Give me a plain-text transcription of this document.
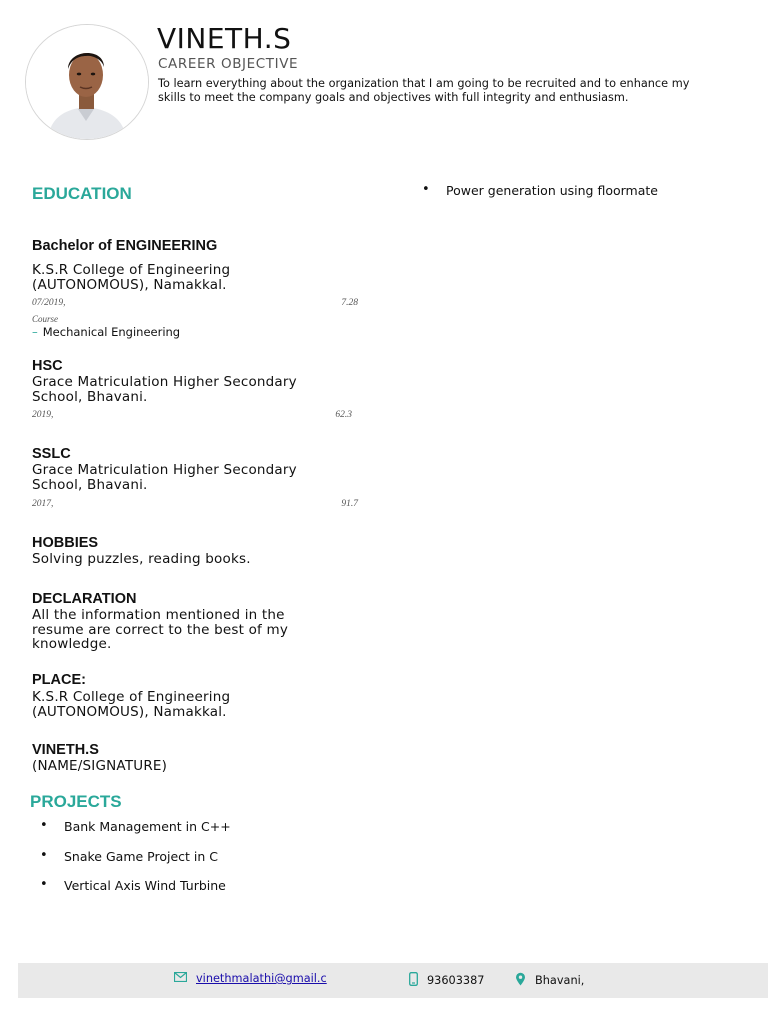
VINETH.S
CAREER OBJECTIVE
To learn everything about the organization that I am going to be recruited and to enhance my skills to meet the company goals and objectives with full integrity and enthusiasm.
EDUCATION
Bachelor of ENGINEERING
K.S.R College of Engineering (AUTONOMOUS), Namakkal.
07/2019,	7.28
Course
– Mechanical Engineering
HSC
Grace Matriculation Higher Secondary School, Bhavani.
2019,	62.3
SSLC
Grace Matriculation Higher Secondary School, Bhavani.
2017,	91.7
HOBBIES
Solving puzzles, reading books.
DECLARATION
All the information mentioned in the resume are correct to the best of my knowledge.
PLACE:
K.S.R College of Engineering (AUTONOMOUS), Namakkal.
VINETH.S
(NAME/SIGNATURE)
PROJECTS
• Bank Management in C++
• Snake Game Project in C
• Vertical Axis Wind Turbine
• Power generation using floormate
vinethmalathi@gmail.c	93603387	Bhavani,
